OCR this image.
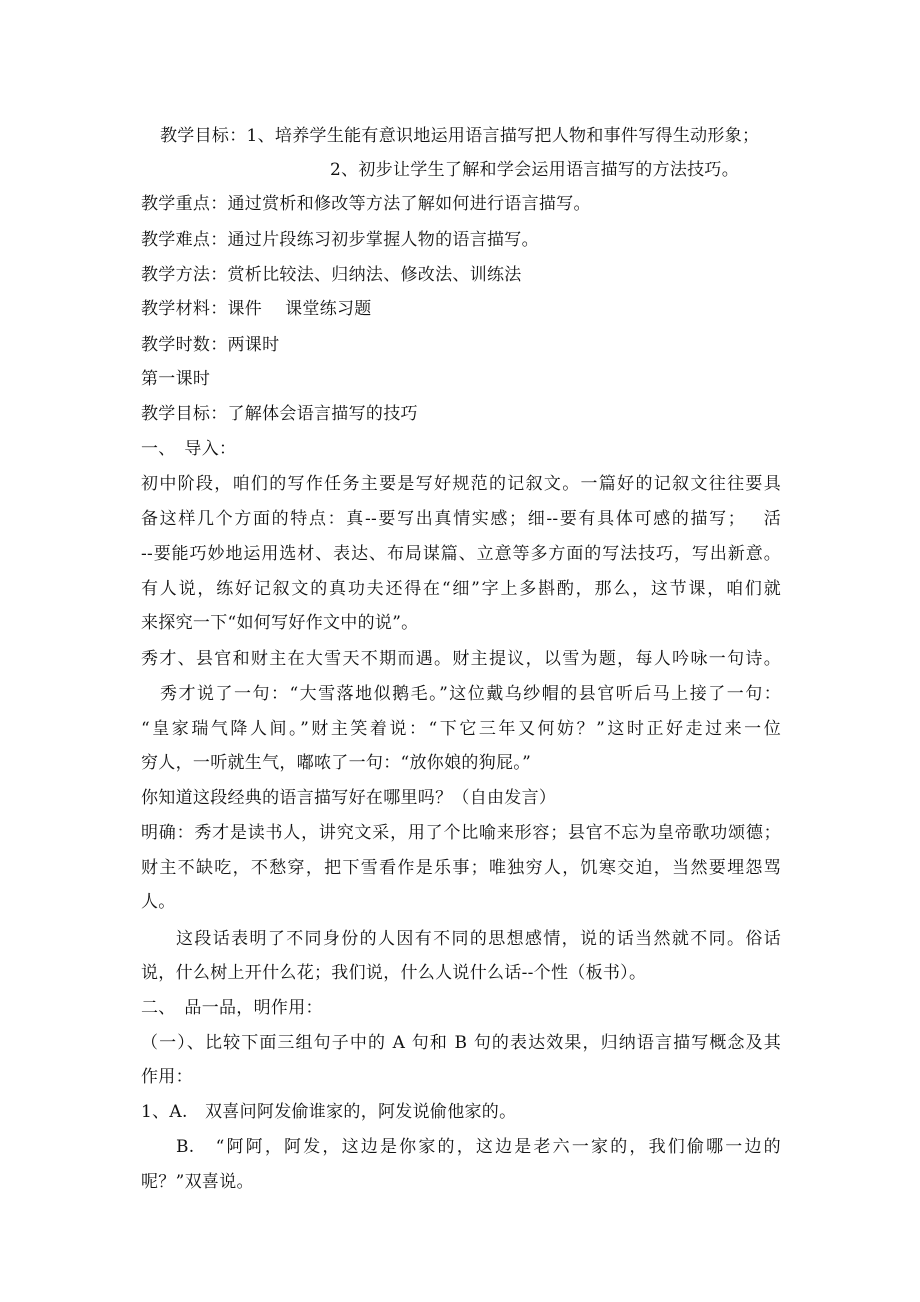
教学目标：1、培养学生能有意识地运用语言描写把人物和事件写得生动形象；
2、初步让学生了解和学会运用语言描写的方法技巧。
教学重点：通过赏析和修改等方法了解如何进行语言描写。
教学难点：通过片段练习初步掌握人物的语言描写。
教学方法：赏析比较法、归纳法、修改法、训练法
教学材料：课件　 课堂练习题
教学时数：两课时
第一课时
教学目标：了解体会语言描写的技巧
一、　导入：
初中阶段，咱们的写作任务主要是写好规范的记叙文。一篇好的记叙文往往要具
备这样几个方面的特点：真--要写出真情实感；细--要有具体可感的描写；　 活
--要能巧妙地运用选材、表达、布局谋篇、立意等多方面的写法技巧，写出新意。
有人说，练好记叙文的真功夫还得在“细”字上多斟酌，那么，这节课，咱们就
来探究一下“如何写好作文中的说”。
秀才、县官和财主在大雪天不期而遇。财主提议，以雪为题，每人吟咏一句诗。
秀才说了一句：“大雪落地似鹅毛。”这位戴乌纱帽的县官听后马上接了一句：
“皇家瑞气降人间。”财主笑着说：“下它三年又何妨？”这时正好走过来一位
穷人，一听就生气，嘟哝了一句：“放你娘的狗屁。”
你知道这段经典的语言描写好在哪里吗？（自由发言）
明确：秀才是读书人，讲究文采，用了个比喻来形容；县官不忘为皇帝歌功颂德；
财主不缺吃，不愁穿，把下雪看作是乐事；唯独穷人，饥寒交迫，当然要埋怨骂
人。
这段话表明了不同身份的人因有不同的思想感情，说的话当然就不同。俗话
说，什么树上开什么花；我们说，什么人说什么话--个性（板书）。
二、　品一品，明作用：
（一）、比较下面三组句子中的 A 句和 B 句的表达效果，归纳语言描写概念及其
作用：
1、A.　双喜问阿发偷谁家的，阿发说偷他家的。
B.　“阿阿，阿发，这边是你家的，这边是老六一家的，我们偷哪一边的
呢？”双喜说。
